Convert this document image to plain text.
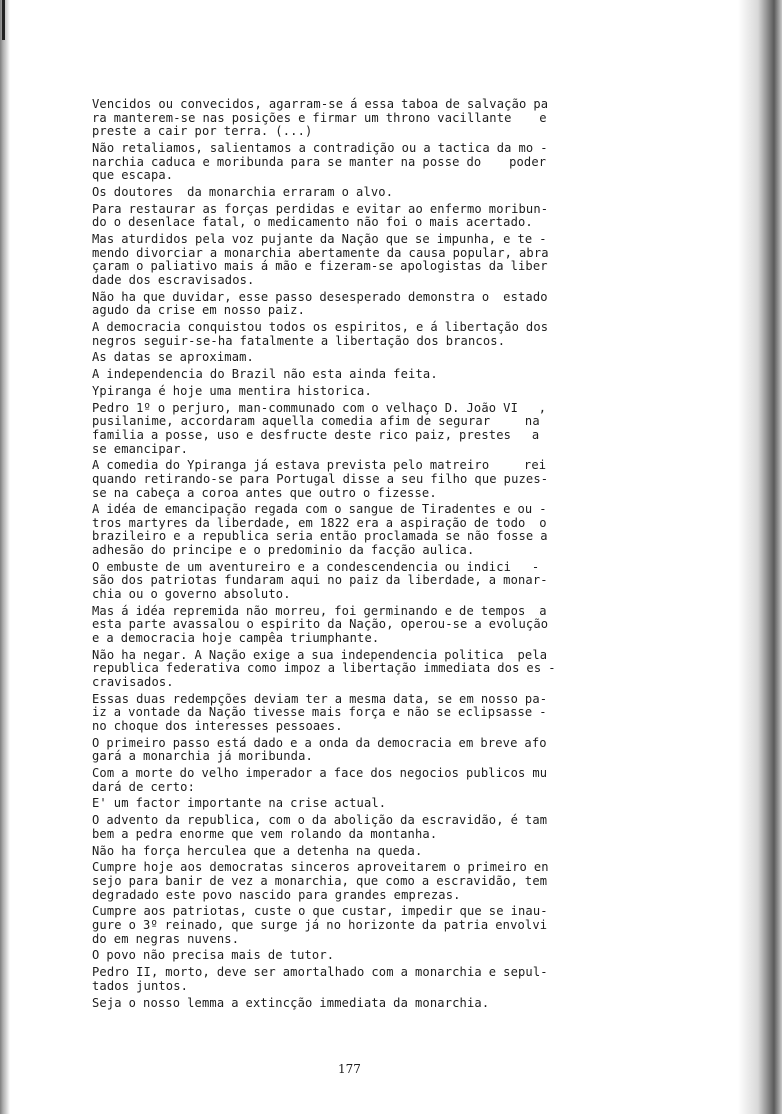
Vencidos ou convecidos, agarram-se á essa taboa de salvação pa
ra manterem-se nas posições e firmar um throno vacillante    e
preste a cair por terra. (...)

Não retaliamos, salientamos a contradição ou a tactica da mo -
narchia caduca e moribunda para se manter na posse do    poder
que escapa.

Os doutores  da monarchia erraram o alvo.

Para restaurar as forças perdidas e evitar ao enfermo moribun-
do o desenlace fatal, o medicamento não foi o mais acertado.

Mas aturdidos pela voz pujante da Nação que se impunha, e te -
mendo divorciar a monarchia abertamente da causa popular, abra
çaram o paliativo mais á mão e fizeram-se apologistas da liber
dade dos escravisados.

Não ha que duvidar, esse passo desesperado demonstra o  estado
agudo da crise em nosso paiz.

A democracia conquistou todos os espiritos, e á libertação dos
negros seguir-se-ha fatalmente a libertação dos brancos.

As datas se aproximam.

A independencia do Brazil não esta ainda feita.

Ypiranga é hoje uma mentira historica.

Pedro 1º o perjuro, man-communado com o velhaço D. João VI   ,
pusilanime, accordaram aquella comedia afim de segurar     na
familia a posse, uso e desfructe deste rico paiz, prestes   a
se emancipar.

A comedia do Ypiranga já estava prevista pelo matreiro     rei
quando retirando-se para Portugal disse a seu filho que puzes-
se na cabeça a coroa antes que outro o fizesse.

A idéa de emancipação regada com o sangue de Tiradentes e ou -
tros martyres da liberdade, em 1822 era a aspiração de todo  o
brazileiro e a republica seria então proclamada se não fosse a
adhesão do principe e o predominio da facção aulica.

O embuste de um aventureiro e a condescendencia ou indici   -
são dos patriotas fundaram aqui no paiz da liberdade, a monar-
chia ou o governo absoluto.

Mas á idéa repremida não morreu, foi germinando e de tempos  a
esta parte avassalou o espirito da Nação, operou-se a evolução
e a democracia hoje campêa triumphante.

Não ha negar. A Nação exige a sua independencia politica  pela
republica federativa como impoz a libertação immediata dos es -
cravisados.

Essas duas redempções deviam ter a mesma data, se em nosso pa-
iz a vontade da Nação tivesse mais força e não se eclipsasse -
no choque dos interesses pessoaes.

O primeiro passo está dado e a onda da democracia em breve afo
gará a monarchia já moribunda.

Com a morte do velho imperador a face dos negocios publicos mu
dará de certo:

E' um factor importante na crise actual.

O advento da republica, com o da abolição da escravidão, é tam
bem a pedra enorme que vem rolando da montanha.

Não ha força herculea que a detenha na queda.

Cumpre hoje aos democratas sinceros aproveitarem o primeiro en
sejo para banir de vez a monarchia, que como a escravidão, tem
degradado este povo nascido para grandes emprezas.

Cumpre aos patriotas, custe o que custar, impedir que se inau-
gure o 3º reinado, que surge já no horizonte da patria envolvi
do em negras nuvens.

O povo não precisa mais de tutor.

Pedro II, morto, deve ser amortalhado com a monarchia e sepul-
tados juntos.

Seja o nosso lemma a extincção immediata da monarchia.

177
